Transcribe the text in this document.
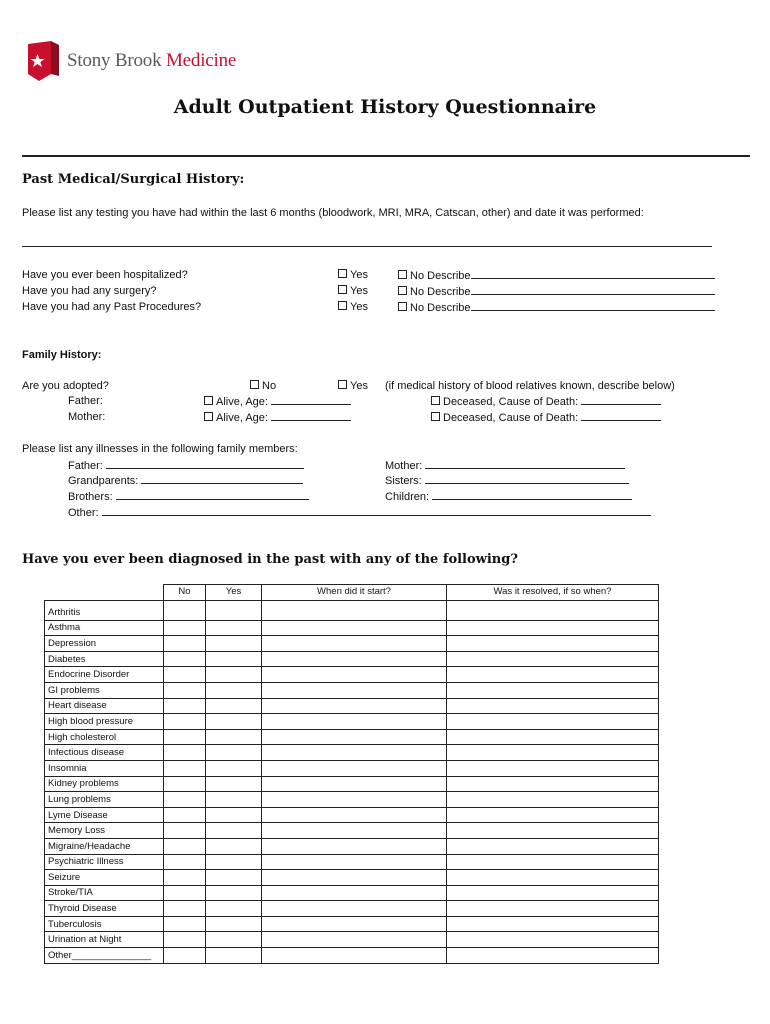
Stony Brook Medicine
Adult Outpatient History Questionnaire
Past Medical/Surgical History:
Please list any testing you have had within the last 6 months (bloodwork, MRI, MRA, Catscan, other) and date it was performed:
Have you ever been hospitalized?	Yes	No Describe
Have you had any surgery?	Yes	No Describe
Have you had any Past Procedures?	Yes	No Describe
Family History:
Are you adopted?	No	Yes (if medical history of blood relatives known, describe below)
Father:	Alive, Age:	Deceased, Cause of Death:
Mother:	Alive, Age:	Deceased, Cause of Death:
Please list any illnesses in the following family members:
Father:	Mother:
Grandparents:	Sisters:
Brothers:	Children:
Other:
Have you ever been diagnosed in the past with any of the following?
	No	Yes	When did it start?	Was it resolved, if so when?
Arthritis				
Asthma				
Depression				
Diabetes				
Endocrine Disorder				
GI problems				
Heart disease				
High blood pressure				
High cholesterol				
Infectious disease				
Insomnia				
Kidney problems				
Lung problems				
Lyme Disease				
Memory Loss				
Migraine/Headache				
Psychiatric Illness				
Seizure				
Stroke/TIA				
Thyroid Disease				
Tuberculosis				
Urination at Night				
Other_______________				
